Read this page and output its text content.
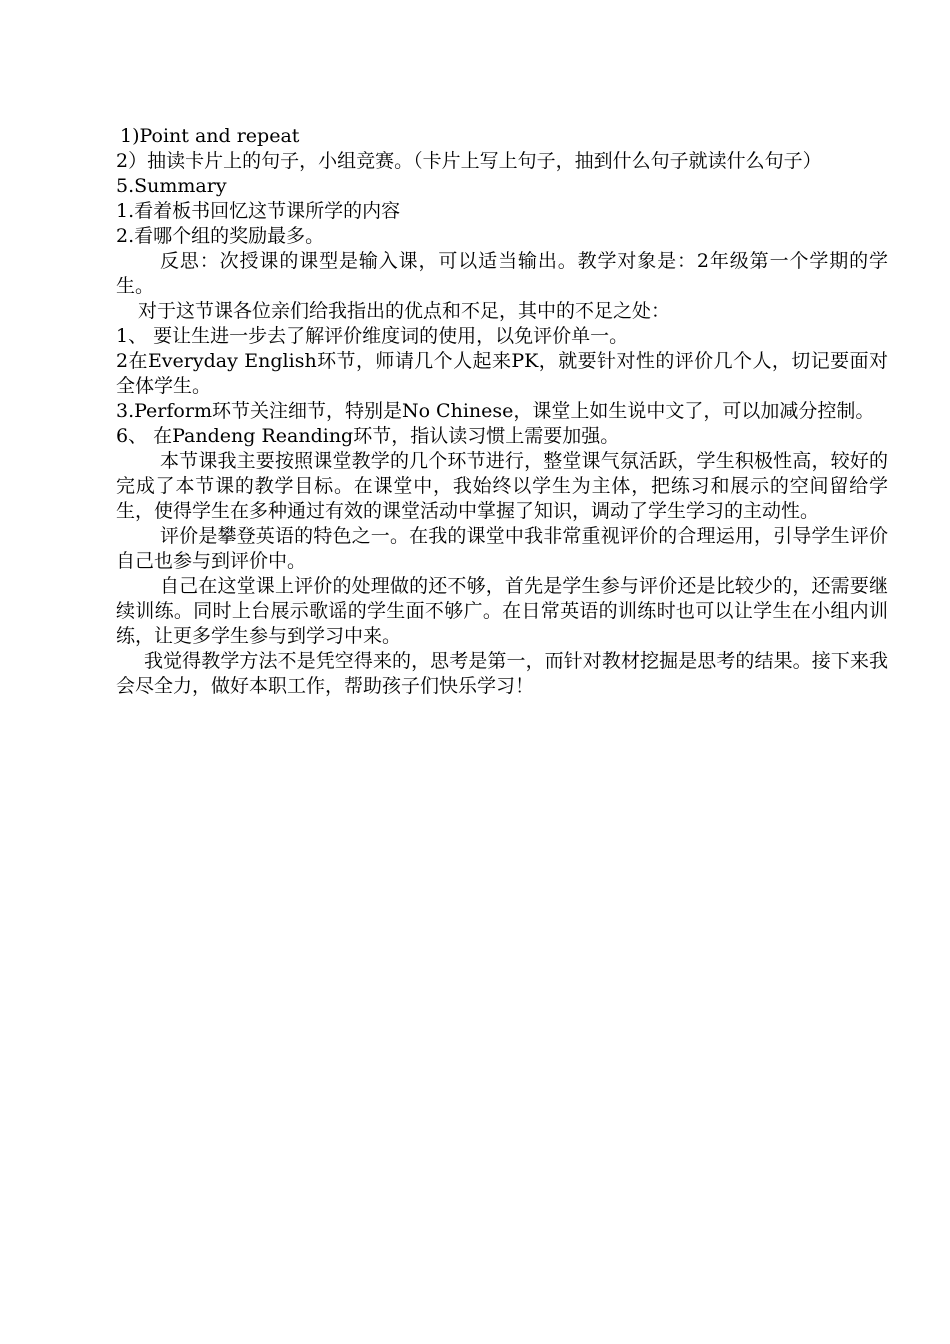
1)Point and repeat

2）抽读卡片上的句子，小组竞赛。（卡片上写上句子，抽到什么句子就读什么句子）

5.Summary

1.看着板书回忆这节课所学的内容

2.看哪个组的奖励最多。

反思：次授课的课型是输入课，可以适当输出。教学对象是：2年级第一个学期的学生。

对于这节课各位亲们给我指出的优点和不足，其中的不足之处：

1、 要让生进一步去了解评价维度词的使用，以免评价单一。

2在Everyday English环节，师请几个人起来PK，就要针对性的评价几个人，切记要面对全体学生。

3.Perform环节关注细节，特别是No Chinese，课堂上如生说中文了，可以加减分控制。

6、 在Pandeng Reanding环节，指认读习惯上需要加强。

本节课我主要按照课堂教学的几个环节进行，整堂课气氛活跃，学生积极性高，较好的完成了本节课的教学目标。在课堂中，我始终以学生为主体，把练习和展示的空间留给学生，使得学生在多种通过有效的课堂活动中掌握了知识，调动了学生学习的主动性。

评价是攀登英语的特色之一。在我的课堂中我非常重视评价的合理运用，引导学生评价自己也参与到评价中。

自己在这堂课上评价的处理做的还不够，首先是学生参与评价还是比较少的，还需要继续训练。同时上台展示歌谣的学生面不够广。在日常英语的训练时也可以让学生在小组内训练，让更多学生参与到学习中来。

我觉得教学方法不是凭空得来的，思考是第一，而针对教材挖掘是思考的结果。接下来我会尽全力，做好本职工作，帮助孩子们快乐学习！
